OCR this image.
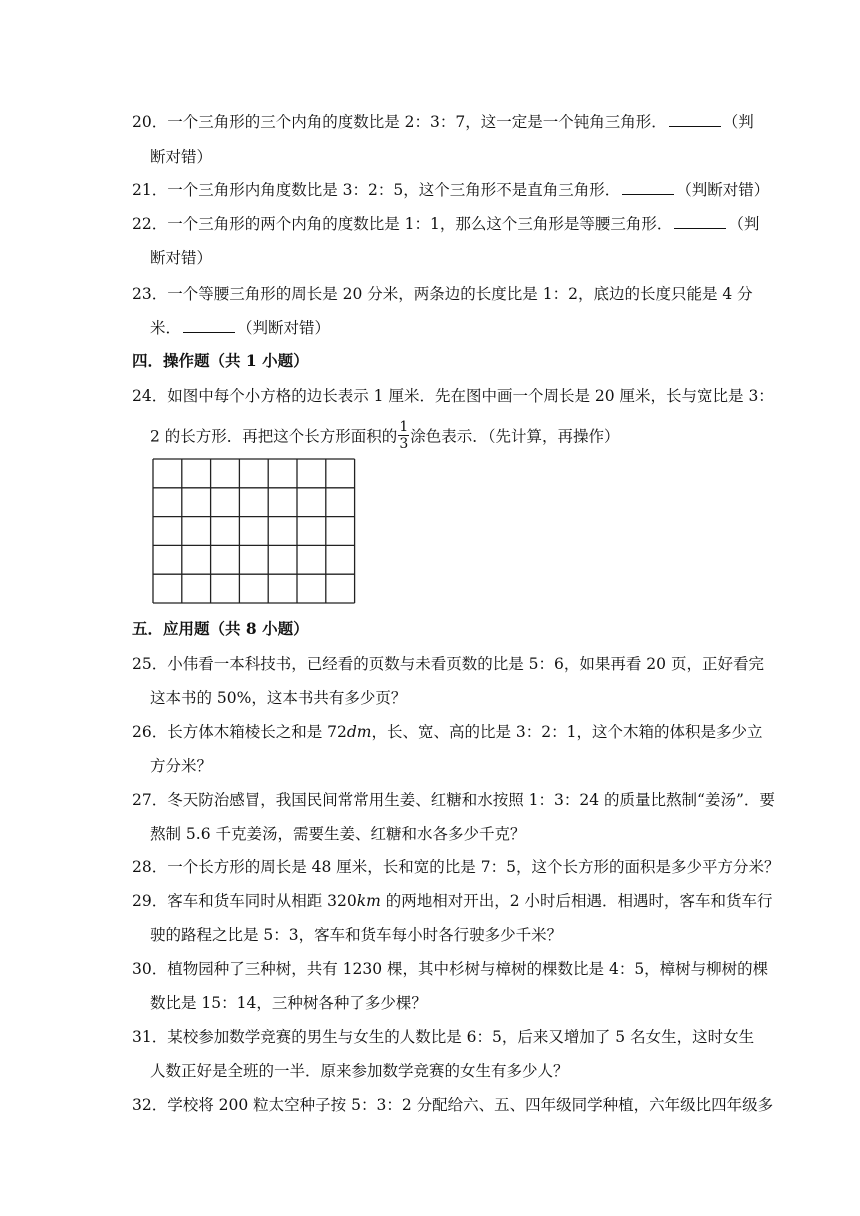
20．一个三角形的三个内角的度数比是 2：3：7，这一定是一个钝角三角形．	（判
断对错）
21．一个三角形内角度数比是 3：2：5，这个三角形不是直角三角形．	（判断对错）
22．一个三角形的两个内角的度数比是 1：1，那么这个三角形是等腰三角形．	（判
断对错）
23．一个等腰三角形的周长是 20 分米，两条边的长度比是 1：2，底边的长度只能是 4 分
米．	（判断对错）
四．操作题（共 1 小题）
24．如图中每个小方格的边长表示 1 厘米．先在图中画一个周长是 20 厘米，长与宽比是 3：
2 的长方形．再把这个长方形面积的 $\frac{1}{3}$ 涂色表示．（先计算，再操作）
五．应用题（共 8 小题）
25．小伟看一本科技书，已经看的页数与未看页数的比是 5：6，如果再看 20 页，正好看完
这本书的 50%，这本书共有多少页？
26．长方体木箱棱长之和是 72dm，长、宽、高的比是 3：2：1，这个木箱的体积是多少立
方分米？
27．冬天防治感冒，我国民间常常用生姜、红糖和水按照 1：3：24 的质量比熬制“姜汤”．要
熬制 5.6 千克姜汤，需要生姜、红糖和水各多少千克？
28．一个长方形的周长是 48 厘米，长和宽的比是 7：5，这个长方形的面积是多少平方分米？
29．客车和货车同时从相距 320km 的两地相对开出，2 小时后相遇．相遇时，客车和货车行
驶的路程之比是 5：3，客车和货车每小时各行驶多少千米？
30．植物园种了三种树，共有 1230 棵，其中杉树与樟树的棵数比是 4：5，樟树与柳树的棵
数比是 15：14，三种树各种了多少棵？
31．某校参加数学竞赛的男生与女生的人数比是 6：5，后来又增加了 5 名女生，这时女生
人数正好是全班的一半．原来参加数学竞赛的女生有多少人？
32．学校将 200 粒太空种子按 5：3：2 分配给六、五、四年级同学种植，六年级比四年级多
